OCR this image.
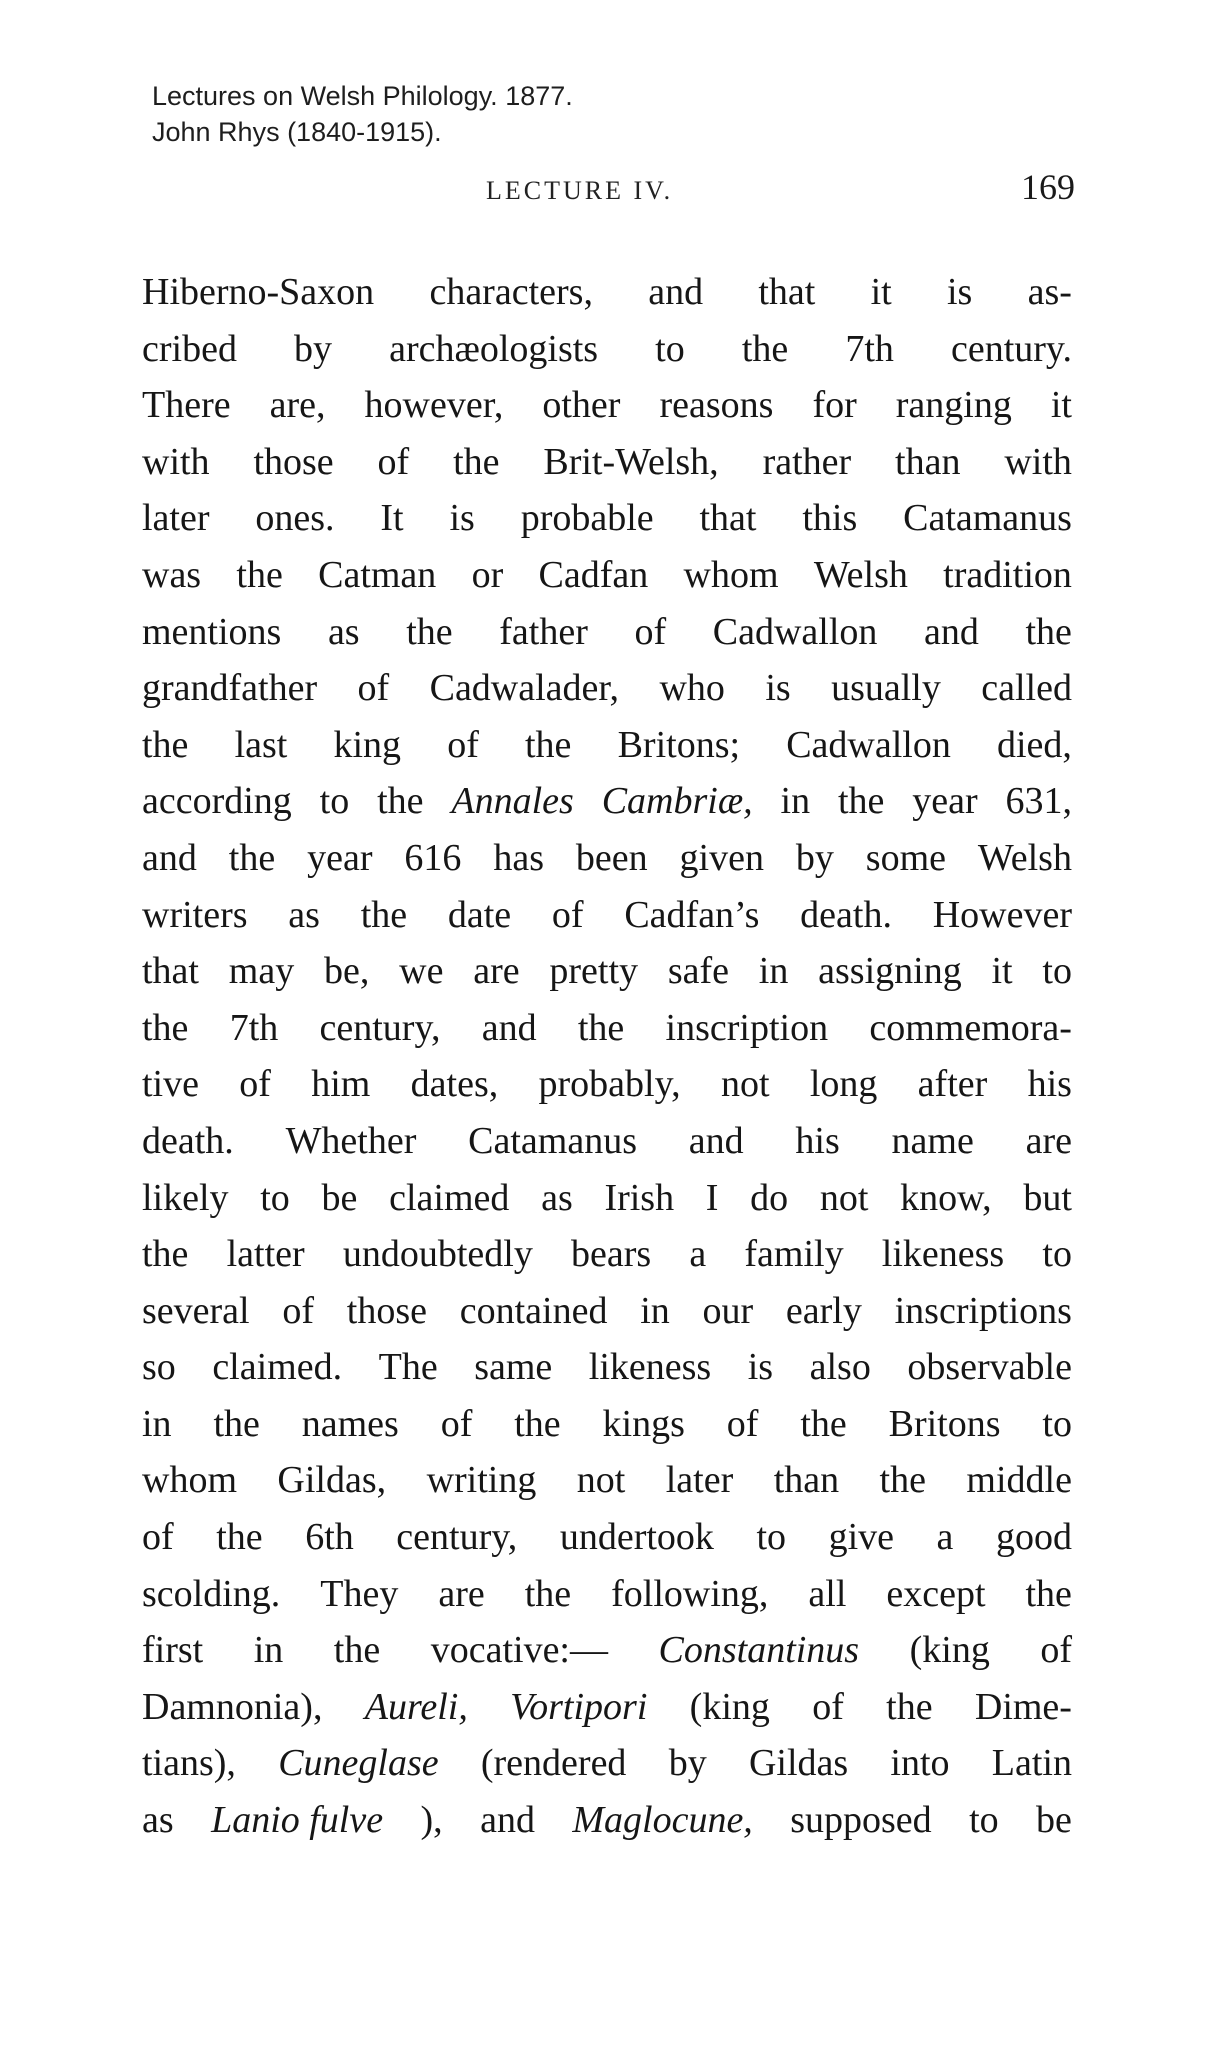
Lectures on Welsh Philology. 1877.
John Rhys (1840-1915).
LECTURE IV.	169
Hiberno-Saxon characters, and that it is as-
cribed by archæologists to the 7th century.
There are, however, other reasons for ranging it
with those of the Brit-Welsh, rather than with
later ones. It is probable that this Catamanus
was the Catman or Cadfan whom Welsh tradition
mentions as the father of Cadwallon and the
grandfather of Cadwalader, who is usually called
the last king of the Britons; Cadwallon died,
according to the Annales Cambriæ, in the year 631,
and the year 616 has been given by some Welsh
writers as the date of Cadfan’s death. However
that may be, we are pretty safe in assigning it to
the 7th century, and the inscription commemora-
tive of him dates, probably, not long after his
death. Whether Catamanus and his name are
likely to be claimed as Irish I do not know, but
the latter undoubtedly bears a family likeness to
several of those contained in our early inscriptions
so claimed. The same likeness is also observable
in the names of the kings of the Britons to
whom Gildas, writing not later than the middle
of the 6th century, undertook to give a good
scolding. They are the following, all except the
first in the vocative:— Constantinus (king of
Damnonia), Aureli, Vortipori (king of the Dime-
tians), Cuneglase (rendered by Gildas into Latin
as Lanio fulve ), and Maglocune, supposed to be
